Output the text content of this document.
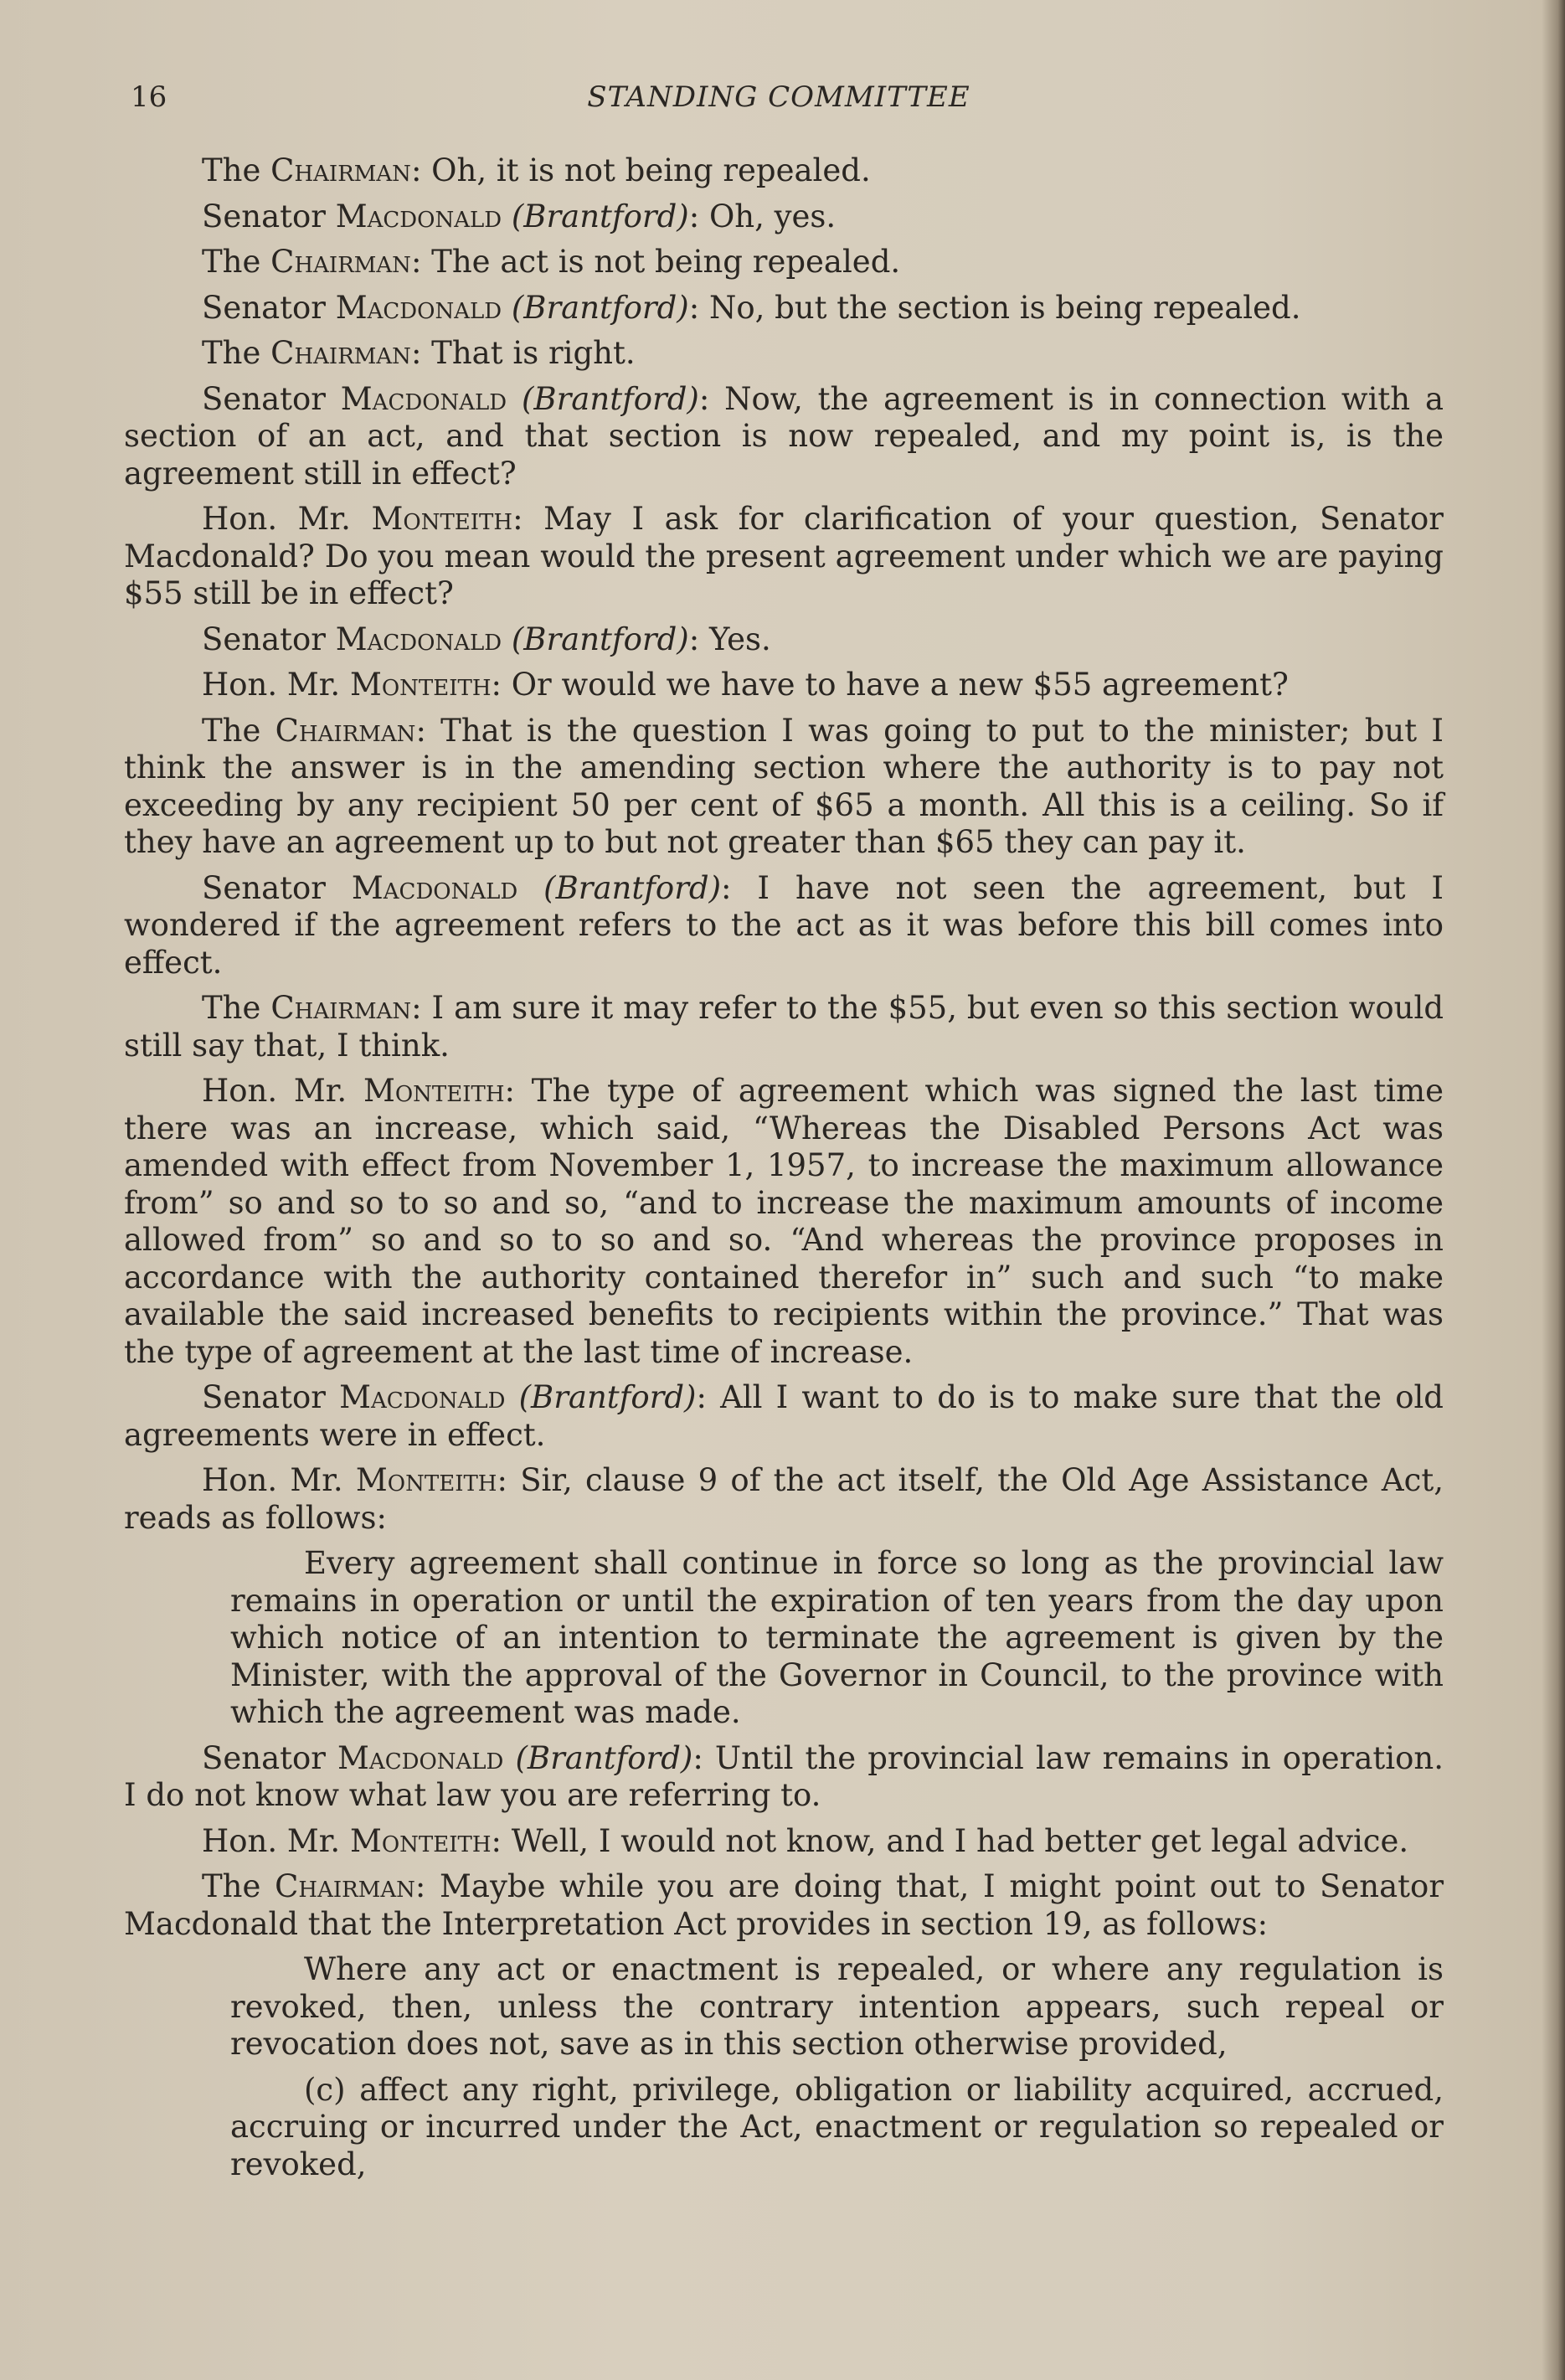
16	STANDING COMMITTEE

The Chairman: Oh, it is not being repealed.

Senator Macdonald (Brantford): Oh, yes.

The Chairman: The act is not being repealed.

Senator Macdonald (Brantford): No, but the section is being repealed.

The Chairman: That is right.

Senator Macdonald (Brantford): Now, the agreement is in connection with a section of an act, and that section is now repealed, and my point is, is the agreement still in effect?

Hon. Mr. Monteith: May I ask for clarification of your question, Senator Macdonald? Do you mean would the present agreement under which we are paying $55 still be in effect?

Senator Macdonald (Brantford): Yes.

Hon. Mr. Monteith: Or would we have to have a new $55 agreement?

The Chairman: That is the question I was going to put to the minister; but I think the answer is in the amending section where the authority is to pay not exceeding by any recipient 50 per cent of $65 a month. All this is a ceiling. So if they have an agreement up to but not greater than $65 they can pay it.

Senator Macdonald (Brantford): I have not seen the agreement, but I wondered if the agreement refers to the act as it was before this bill comes into effect.

The Chairman: I am sure it may refer to the $55, but even so this section would still say that, I think.

Hon. Mr. Monteith: The type of agreement which was signed the last time there was an increase, which said, “Whereas the Disabled Persons Act was amended with effect from November 1, 1957, to increase the maximum allowance from” so and so to so and so, “and to increase the maximum amounts of income allowed from” so and so to so and so. “And whereas the province proposes in accordance with the authority contained therefor in” such and such “to make available the said increased benefits to recipients within the province.” That was the type of agreement at the last time of increase.

Senator Macdonald (Brantford): All I want to do is to make sure that the old agreements were in effect.

Hon. Mr. Monteith: Sir, clause 9 of the act itself, the Old Age Assistance Act, reads as follows:

Every agreement shall continue in force so long as the provincial law remains in operation or until the expiration of ten years from the day upon which notice of an intention to terminate the agreement is given by the Minister, with the approval of the Governor in Council, to the province with which the agreement was made.

Senator Macdonald (Brantford): Until the provincial law remains in operation. I do not know what law you are referring to.

Hon. Mr. Monteith: Well, I would not know, and I had better get legal advice.

The Chairman: Maybe while you are doing that, I might point out to Senator Macdonald that the Interpretation Act provides in section 19, as follows:

Where any act or enactment is repealed, or where any regulation is revoked, then, unless the contrary intention appears, such repeal or revocation does not, save as in this section otherwise provided,

(c) affect any right, privilege, obligation or liability acquired, accrued, accruing or incurred under the Act, enactment or regulation so repealed or revoked,
